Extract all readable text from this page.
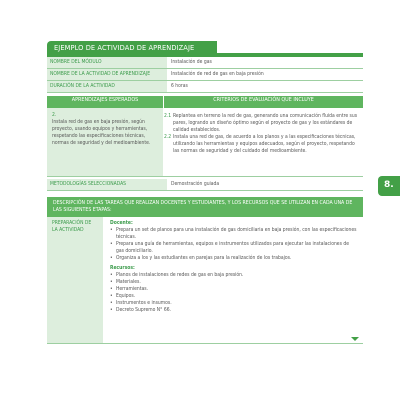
EJEMPLO DE ACTIVIDAD DE APRENDIZAJE
NOMBRE DEL MÓDULO	Instalación de gas
NOMBRE DE LA ACTIVIDAD DE APRENDIZAJE	Instalación de red de gas en baja presión
DURACIÓN DE LA ACTIVIDAD	6 horas
APRENDIZAJES ESPERADOS	CRITERIOS DE EVALUACIÓN QUE INCLUYE
2.
Instala red de gas en baja presión, según proyecto, usando equipos y herramientas, respetando las especificaciones técnicas, normas de seguridad y del medioambiente.
2.1 Replantea en terreno la red de gas, generando una comunicación fluida entre sus pares, logrando un diseño óptimo según el proyecto de gas y los estándares de calidad establecidos.
2.2 Instala una red de gas, de acuerdo a los planos y a las especificaciones técnicas, utilizando las herramientas y equipos adecuados, según el proyecto, respetando las normas de seguridad y del cuidado del medioambiente.
METODOLOGÍAS SELECCIONADAS	Demostración guiada
DESCRIPCIÓN DE LAS TAREAS QUE REALIZAN DOCENTES Y ESTUDIANTES, Y LOS RECURSOS QUE SE UTILIZAN EN CADA UNA DE LAS SIGUIENTES ETAPAS:
PREPARACIÓN DE LA ACTIVIDAD
Docente:
• Prepara un set de planos para una instalación de gas domiciliaria en baja presión, con las especificaciones técnicas.
• Prepara una guía de herramientas, equipos e instrumentos utilizados para ejecutar las instalaciones de gas domiciliario.
• Organiza a los y las estudiantes en parejas para la realización de los trabajos.
Recursos:
• Planos de instalaciones de redes de gas en baja presión.
• Materiales.
• Herramientas.
• Equipos.
• Instrumentos e insumos.
• Decreto Supremo N° 66.
8.
